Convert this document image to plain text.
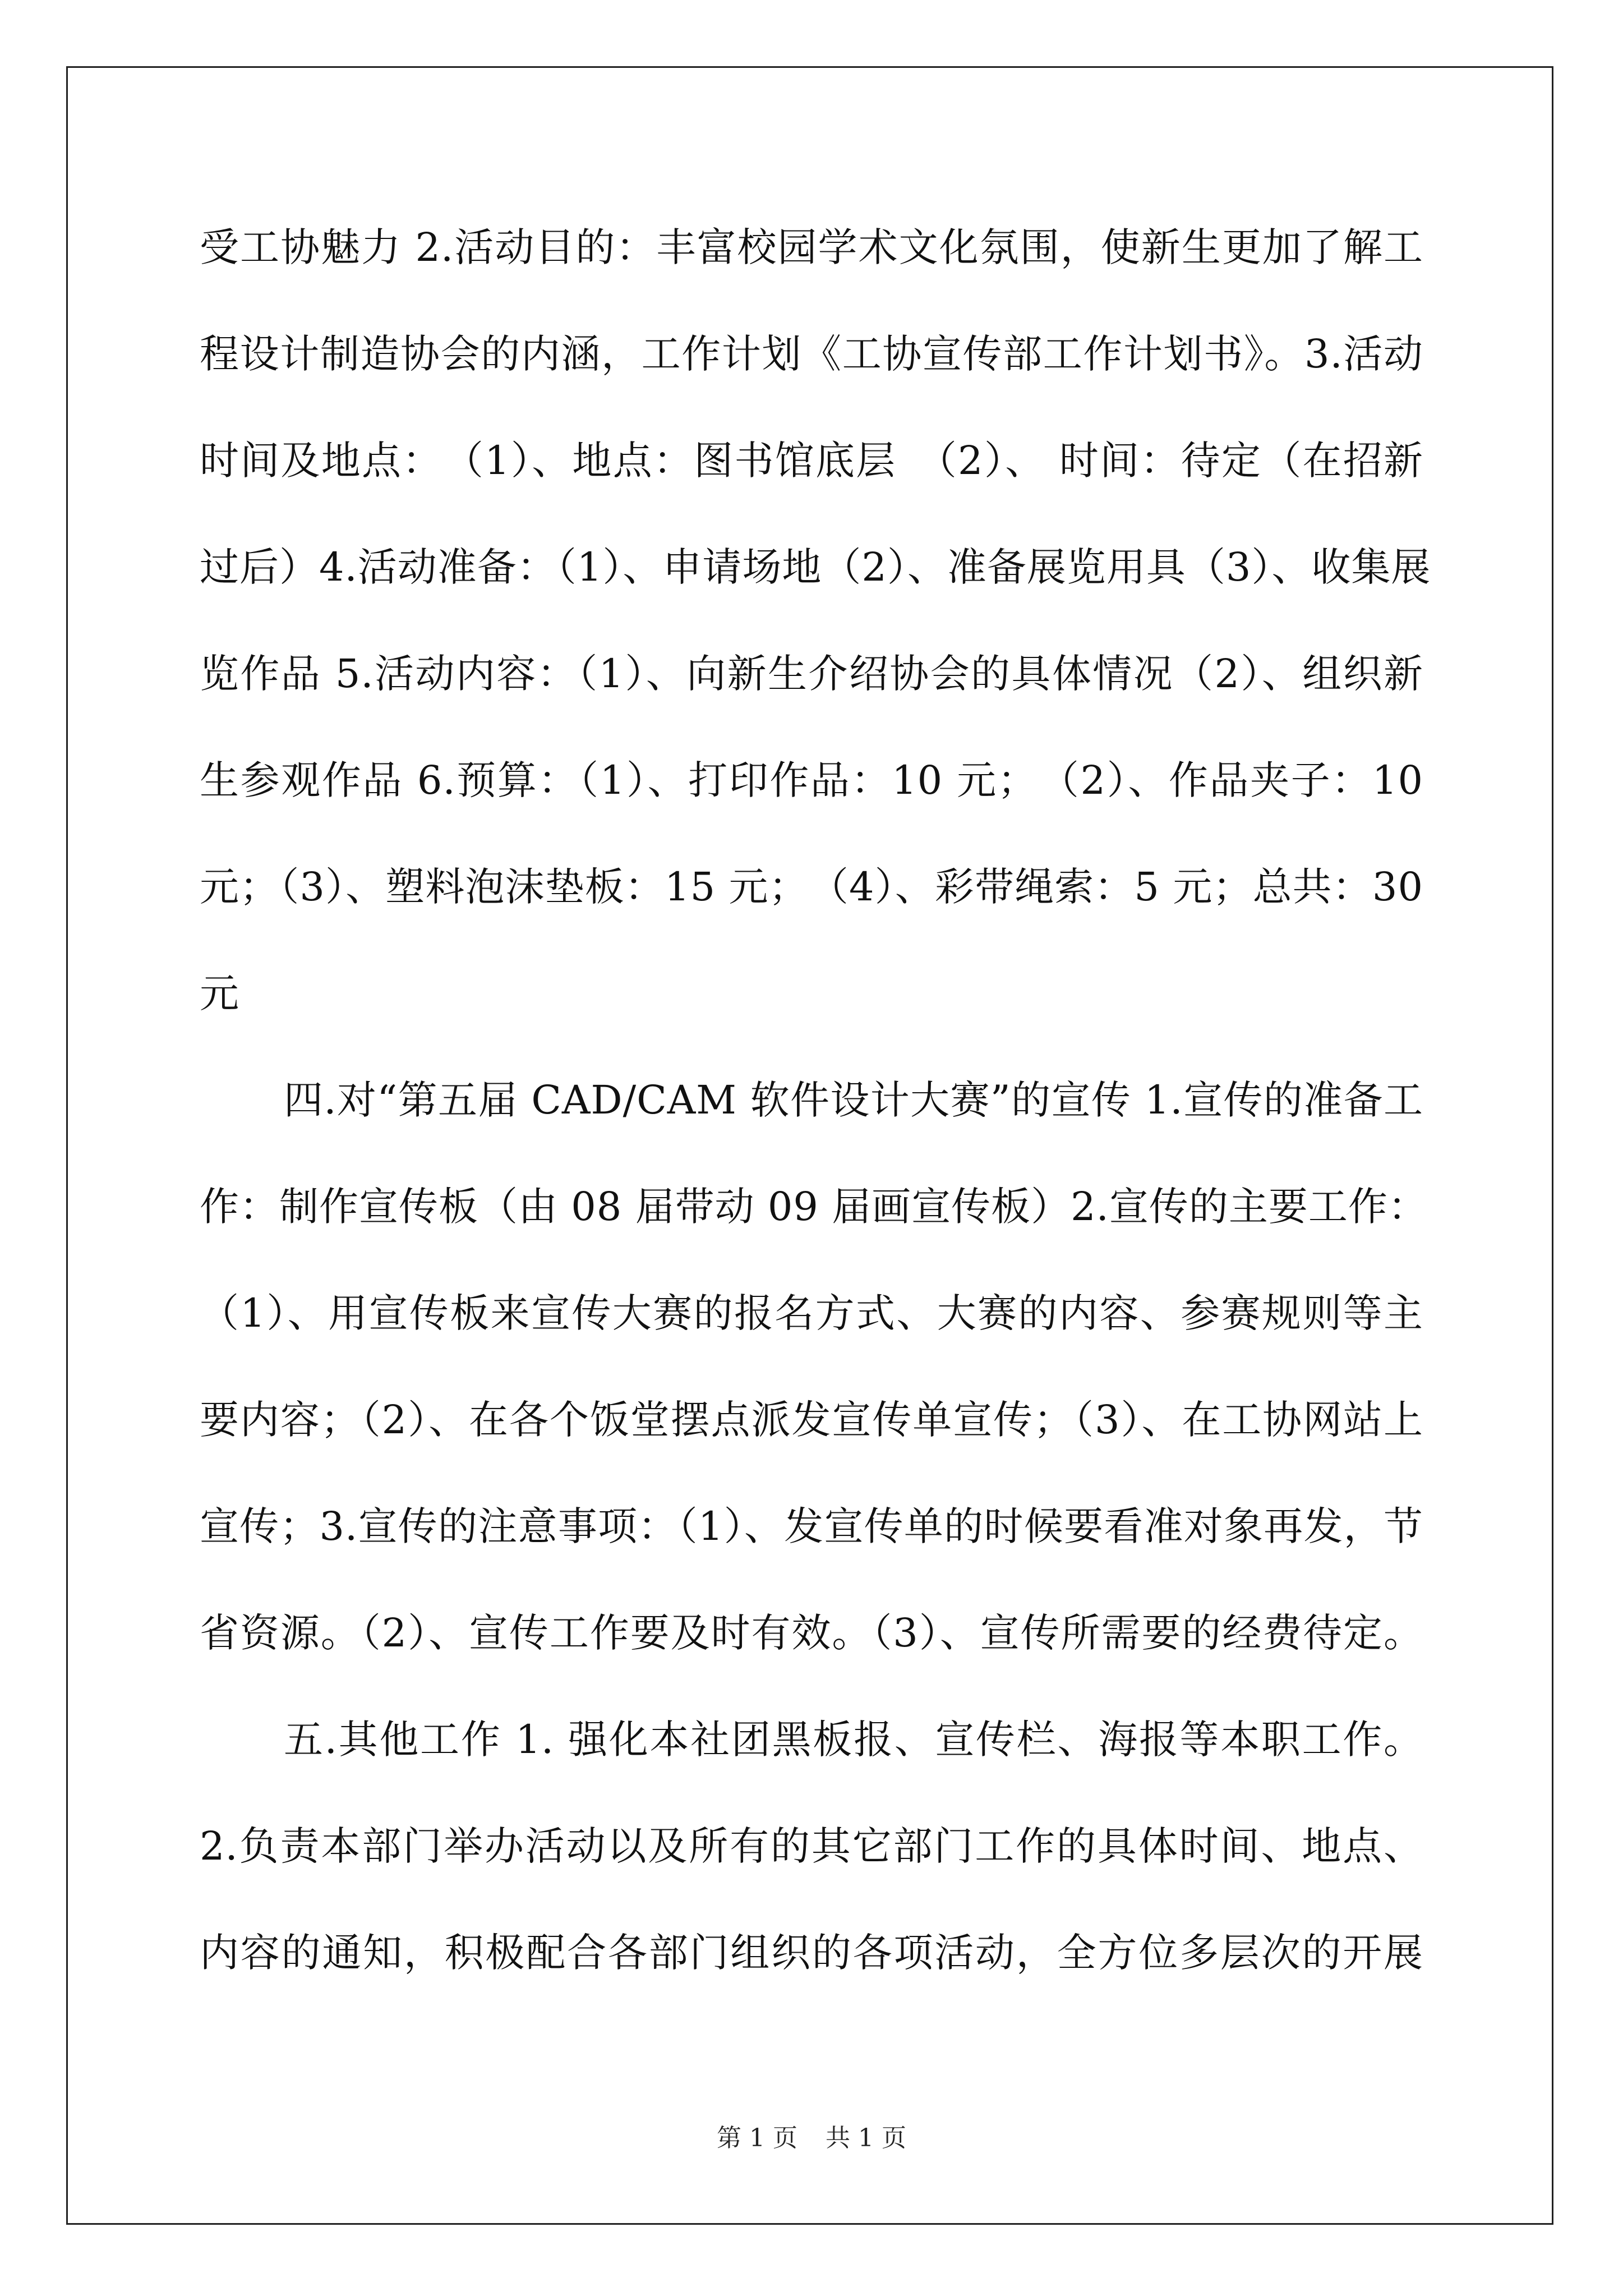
受工协魅力 2.活动目的：丰富校园学术文化氛围，使新生更加了解工
程设计制造协会的内涵，工作计划《工协宣传部工作计划书》。3.活动
时间及地点：　（1）、地点：图书馆底层　（2）、 时间：待定（在招新
过后）4.活动准备：（1）、申请场地（2）、准备展览用具（3）、收集展
览作品 5.活动内容：（1）、向新生介绍协会的具体情况（2）、组织新
生参观作品 6.预算：（1）、打印作品：10 元；　（2）、作品夹子：10
元；（3）、塑料泡沫垫板：15 元；　（4）、彩带绳索：5 元；总共：30
元
四.对“第五届 CAD/CAM 软件设计大赛”的宣传 1.宣传的准备工
作：制作宣传板（由 08 届带动 09 届画宣传板）2.宣传的主要工作：
（1）、用宣传板来宣传大赛的报名方式、大赛的内容、参赛规则等主
要内容；（2）、在各个饭堂摆点派发宣传单宣传；（3）、在工协网站上
宣传；3.宣传的注意事项：（1）、发宣传单的时候要看准对象再发，节
省资源。（2）、宣传工作要及时有效。（3）、宣传所需要的经费待定。
五.其他工作 1. 强化本社团黑板报、宣传栏、海报等本职工作。
2.负责本部门举办活动以及所有的其它部门工作的具体时间、地点、
内容的通知，积极配合各部门组织的各项活动，全方位多层次的开展
第 1 页 共 1 页
